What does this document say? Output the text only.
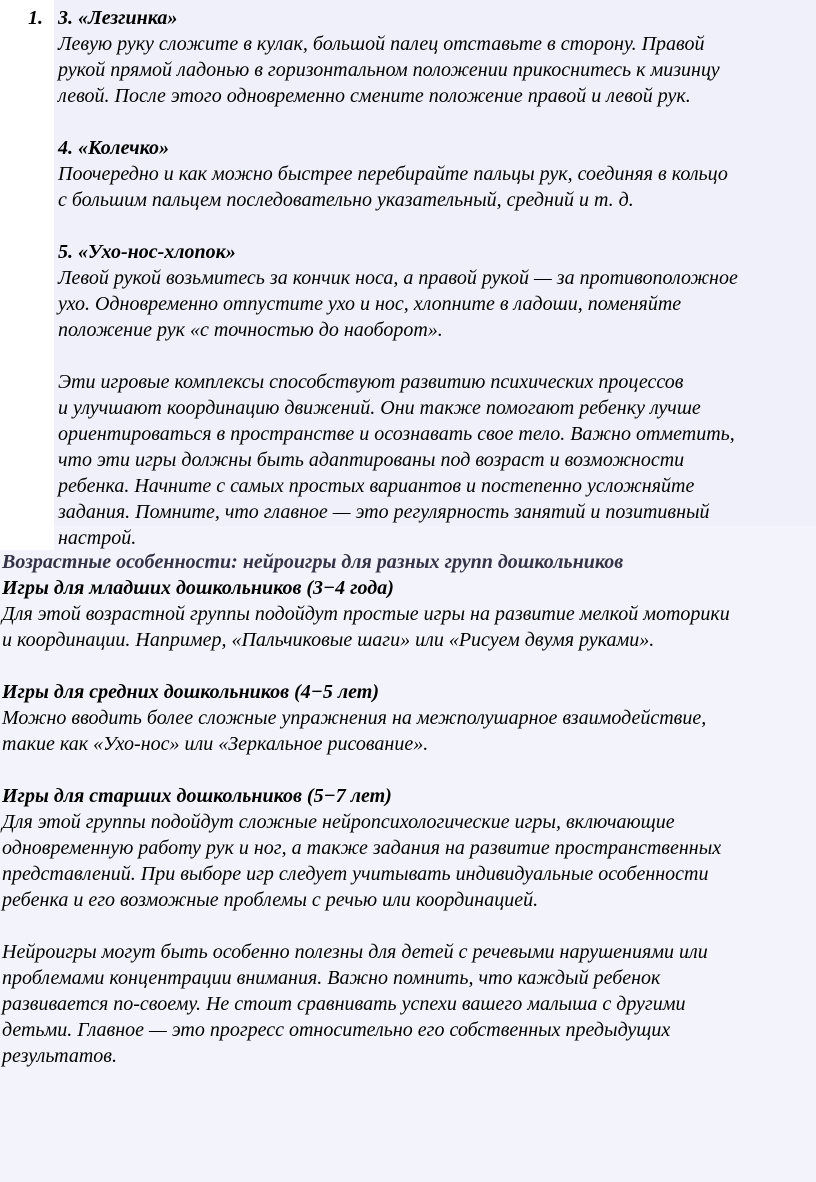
1. 3. «Лезгинка»

Левую руку сложите в кулак, большой палец отставьте в сторону. Правой

рукой прямой ладонью в горизонтальном положении прикоснитесь к мизинцу

левой. После этого одновременно смените положение правой и левой рук.

4. «Колечко»

Поочередно и как можно быстрее перебирайте пальцы рук, соединяя в кольцо

с большим пальцем последовательно указательный, средний и т. д.

5. «Ухо-нос-хлопок»

Левой рукой возьмитесь за кончик носа, а правой рукой — за противоположное

ухо. Одновременно отпустите ухо и нос, хлопните в ладоши, поменяйте

положение рук «с точностью до наоборот».

Эти игровые комплексы способствуют развитию психических процессов

и улучшают координацию движений. Они также помогают ребенку лучше

ориентироваться в пространстве и осознавать свое тело. Важно отметить,

что эти игры должны быть адаптированы под возраст и возможности

ребенка. Начните с самых простых вариантов и постепенно усложняйте

задания. Помните, что главное — это регулярность занятий и позитивный

настрой.

Возрастные особенности: нейроигры для разных групп дошкольников

Игры для младших дошкольников (3−4 года)

Для этой возрастной группы подойдут простые игры на развитие мелкой моторики

и координации. Например, «Пальчиковые шаги» или «Рисуем двумя руками».

Игры для средних дошкольников (4−5 лет)

Можно вводить более сложные упражнения на межполушарное взаимодействие,

такие как «Ухо-нос» или «Зеркальное рисование».

Игры для старших дошкольников (5−7 лет)

Для этой группы подойдут сложные нейропсихологические игры, включающие

одновременную работу рук и ног, а также задания на развитие пространственных

представлений. При выборе игр следует учитывать индивидуальные особенности

ребенка и его возможные проблемы с речью или координацией.

Нейроигры могут быть особенно полезны для детей с речевыми нарушениями или

проблемами концентрации внимания. Важно помнить, что каждый ребенок

развивается по-своему. Не стоит сравнивать успехи вашего малыша с другими

детьми. Главное — это прогресс относительно его собственных предыдущих

результатов.
